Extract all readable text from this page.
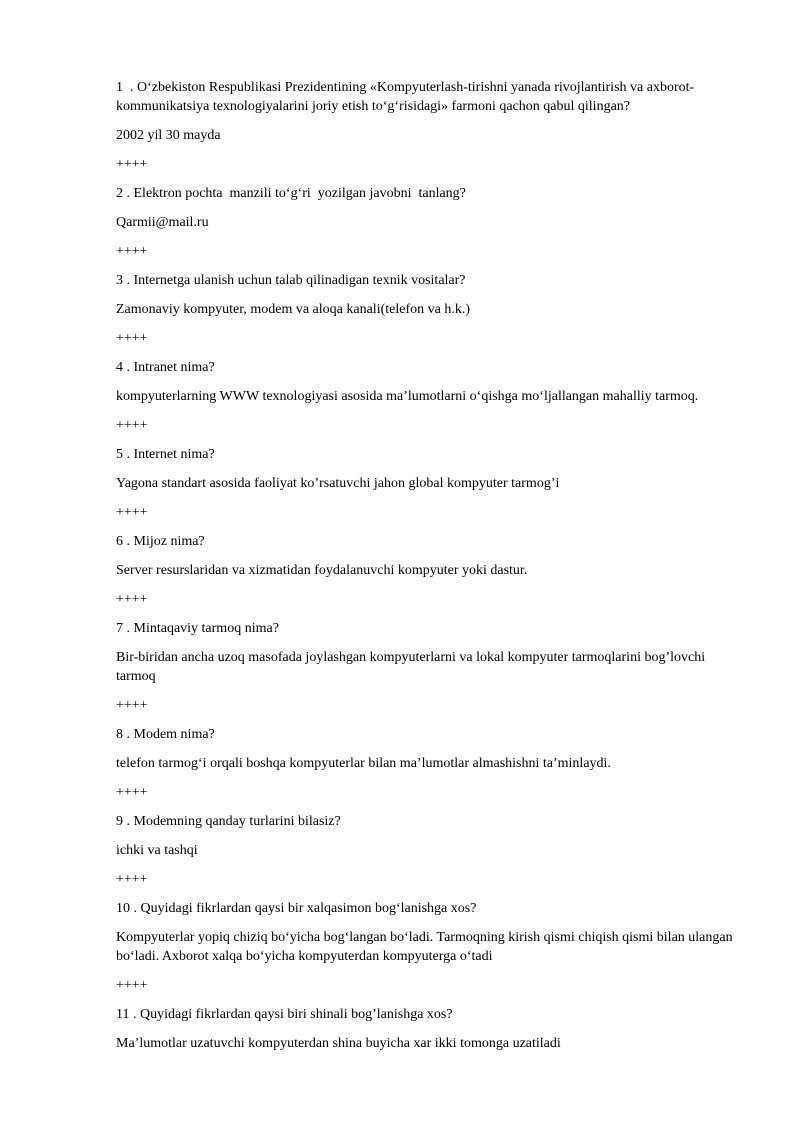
1  . O‘zbekiston Respublikasi Prezidentining «Kompyuterlash-tirishni yanada rivojlantirish va axborot-kommunikatsiya texnologiyalarini joriy etish to‘g‘risidagi» farmoni qachon qabul qilingan?

2002 yil 30 mayda

++++

2 . Elektron pochta  manzili to‘g‘ri  yozilgan javobni  tanlang?

Qarmii@mail.ru

++++

3 . Internetga ulanish uchun talab qilinadigan texnik vositalar?

Zamonaviy kompyuter, modem va aloqa kanali(telefon va h.k.)

++++

4 . Intranet nima?

kompyuterlarning WWW texnologiyasi asosida ma’lumotlarni o‘qishga mo‘ljallangan mahalliy tarmoq.

++++

5 . Internet nima?

Yagona standart asosida faoliyat ko’rsatuvchi jahon global kompyuter tarmog’i

++++

6 . Mijoz nima?

Server resurslaridan va xizmatidan foydalanuvchi kompyuter yoki dastur.

++++

7 . Mintaqaviy tarmoq nima?

Bir-biridan ancha uzoq masofada joylashgan kompyuterlarni va lokal kompyuter tarmoqlarini bog’lovchi tarmoq

++++

8 . Modem nima?

telefon tarmog‘i orqali boshqa kompyuterlar bilan ma’lumotlar almashishni ta’minlaydi.

++++

9 . Modemning qanday turlarini bilasiz?

ichki va tashqi

++++

10 . Quyidagi fikrlardan qaysi bir xalqasimon bog‘lanishga xos?

Kompyuterlar yopiq chiziq bo‘yicha bog‘langan bo‘ladi. Tarmoqning kirish qismi chiqish qismi bilan ulangan bo‘ladi. Axborot xalqa bo‘yicha kompyuterdan kompyuterga o‘tadi

++++

11 . Quyidagi fikrlardan qaysi biri shinali bog’lanishga xos?

Ma’lumotlar uzatuvchi kompyuterdan shina buyicha xar ikki tomonga uzatiladi
